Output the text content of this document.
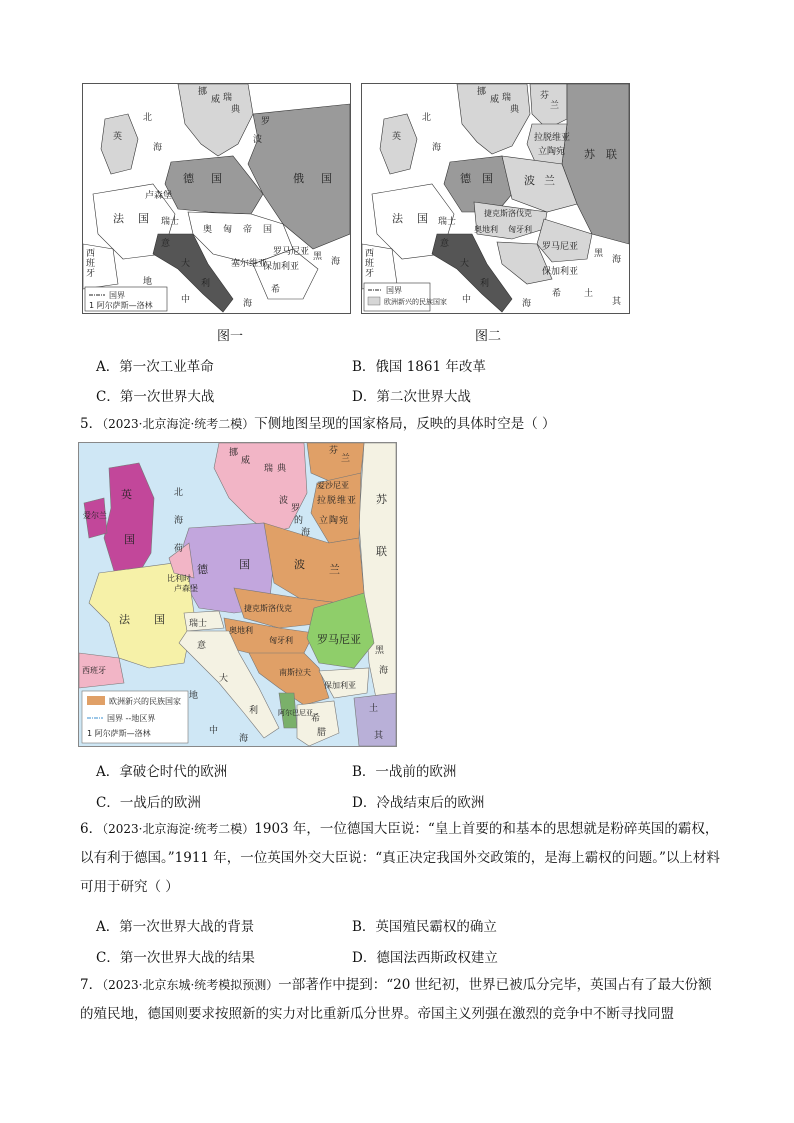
国界
1 阿尔萨斯—洛林
挪
威 瑞
典
北
海
波
罗
英
德 国	俄 国
法 国
奥 匈 帝 国
瑞士
卢森堡
意
大
利
罗马尼亚
保加利亚
塞尔维亚
黑 海
西
班
牙
地
中	海
希	国界
欧洲新兴的民族国家
挪
威 瑞
典
北
海
芬
兰
拉 脱 维 亚
立 陶 宛 苏 联
德 国	波 兰
英
法 国	捷克斯洛伐克
奥地利 匈牙利
罗马尼亚
保加利亚
瑞士
意
大
利
西
班
牙
中	海
黑
海
土
其
希
图一	图二
A．第一次工业革命	B．俄国 1861 年改革
C．第一次世界大战	D．第二次世界大战
5．（2023·北京海淀·统考二模）下侧地图呈现的国家格局，反映的具体时空是（ ）
欧洲新兴的民族国家
国界 --地区界
1 阿尔萨斯—洛林
挪
威
瑞 典
芬
兰
爱沙尼亚
拉 脱 维 亚
立 陶 宛
苏
联
英
国
爱尔兰
北
海
德	国	波 兰
荷
比利时
卢森堡
法 国	瑞士
奥地利
捷克斯洛伐克
匈牙利 罗马尼亚
南斯拉夫
保加利亚
意
大
利
西班牙
地
中
海
阿尔巴尼亚
希
腊
土
其
黑
海
波
罗
的
海
A．拿破仑时代的欧洲	B．一战前的欧洲
C．一战后的欧洲	D．冷战结束后的欧洲
6．（2023·北京海淀·统考二模）1903 年，一位德国大臣说：“皇上首要的和基本的思想就是粉碎英国的霸权，以有利于德国。”1911 年，一位英国外交大臣说：“真正决定我国外交政策的，是海上霸权的问题。”以上材料可用于研究（ ）
A．第一次世界大战的背景	B．英国殖民霸权的确立
C．第一次世界大战的结果	D．德国法西斯政权建立
7．（2023·北京东城·统考模拟预测）一部著作中提到：“20 世纪初，世界已被瓜分完毕，英国占有了最大份额的殖民地，德国则要求按照新的实力对比重新瓜分世界。帝国主义列强在激烈的竞争中不断寻找同盟
